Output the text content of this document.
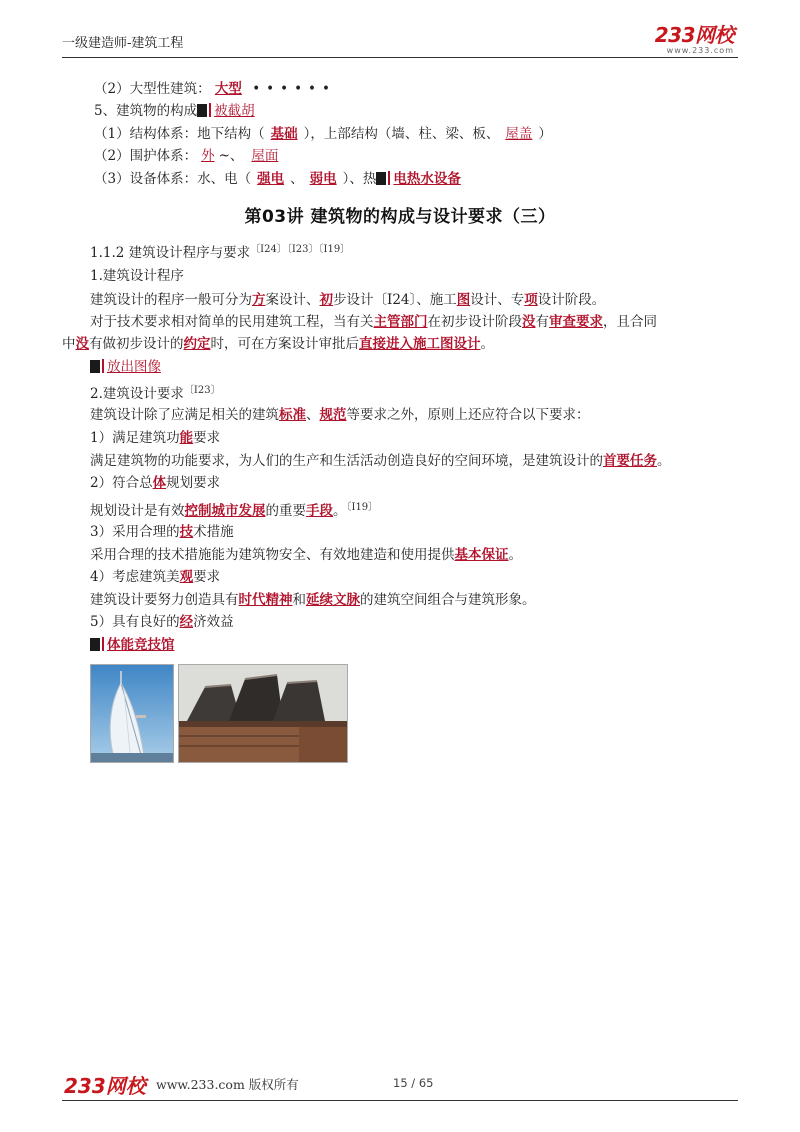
一级建造师-建筑工程	233网校
www.233.com
（2）大型性建筑： 大型 ••••••
5、建筑物的构成 被截胡
（1）结构体系：地下结构（ 基础 ），上部结构（墙、柱、梁、板、 屋盖 ）
（2）围护体系： 外 ~、 屋面
（3）设备体系：水、电（ 强电 、 弱电 ）、热 电热水设备
第03讲 建筑物的构成与设计要求（三）
1.1.2 建筑设计程序与要求$^{〔Ⅰ24〕〔Ⅰ23〕〔Ⅰ19〕}$
1.建筑设计程序
建筑设计的程序一般可分为方案设计、初步设计〔Ⅰ24〕、施工图设计、专项设计阶段。
对于技术要求相对简单的民用建筑工程，当有关主管部门在初步设计阶段没有审查要求，且合同
中没有做初步设计的约定时，可在方案设计审批后直接进入施工图设计。
放出图像
2.建筑设计要求$^{〔Ⅰ23〕}$
建筑设计除了应满足相关的建筑标准、规范等要求之外，原则上还应符合以下要求：
1）满足建筑功能要求
满足建筑物的功能要求，为人们的生产和生活活动创造良好的空间环境，是建筑设计的首要任务。
2）符合总体规划要求
规划设计是有效控制城市发展的重要手段。$^{〔Ⅰ19〕}$
3）采用合理的技术措施
采用合理的技术措施能为建筑物安全、有效地建造和使用提供基本保证。
4）考虑建筑美观要求
建筑设计要努力创造具有时代精神和延续文脉的建筑空间组合与建筑形象。
5）具有良好的经济效益
体能竞技馆
233网校 www.233.com 版权所有	15 / 65
